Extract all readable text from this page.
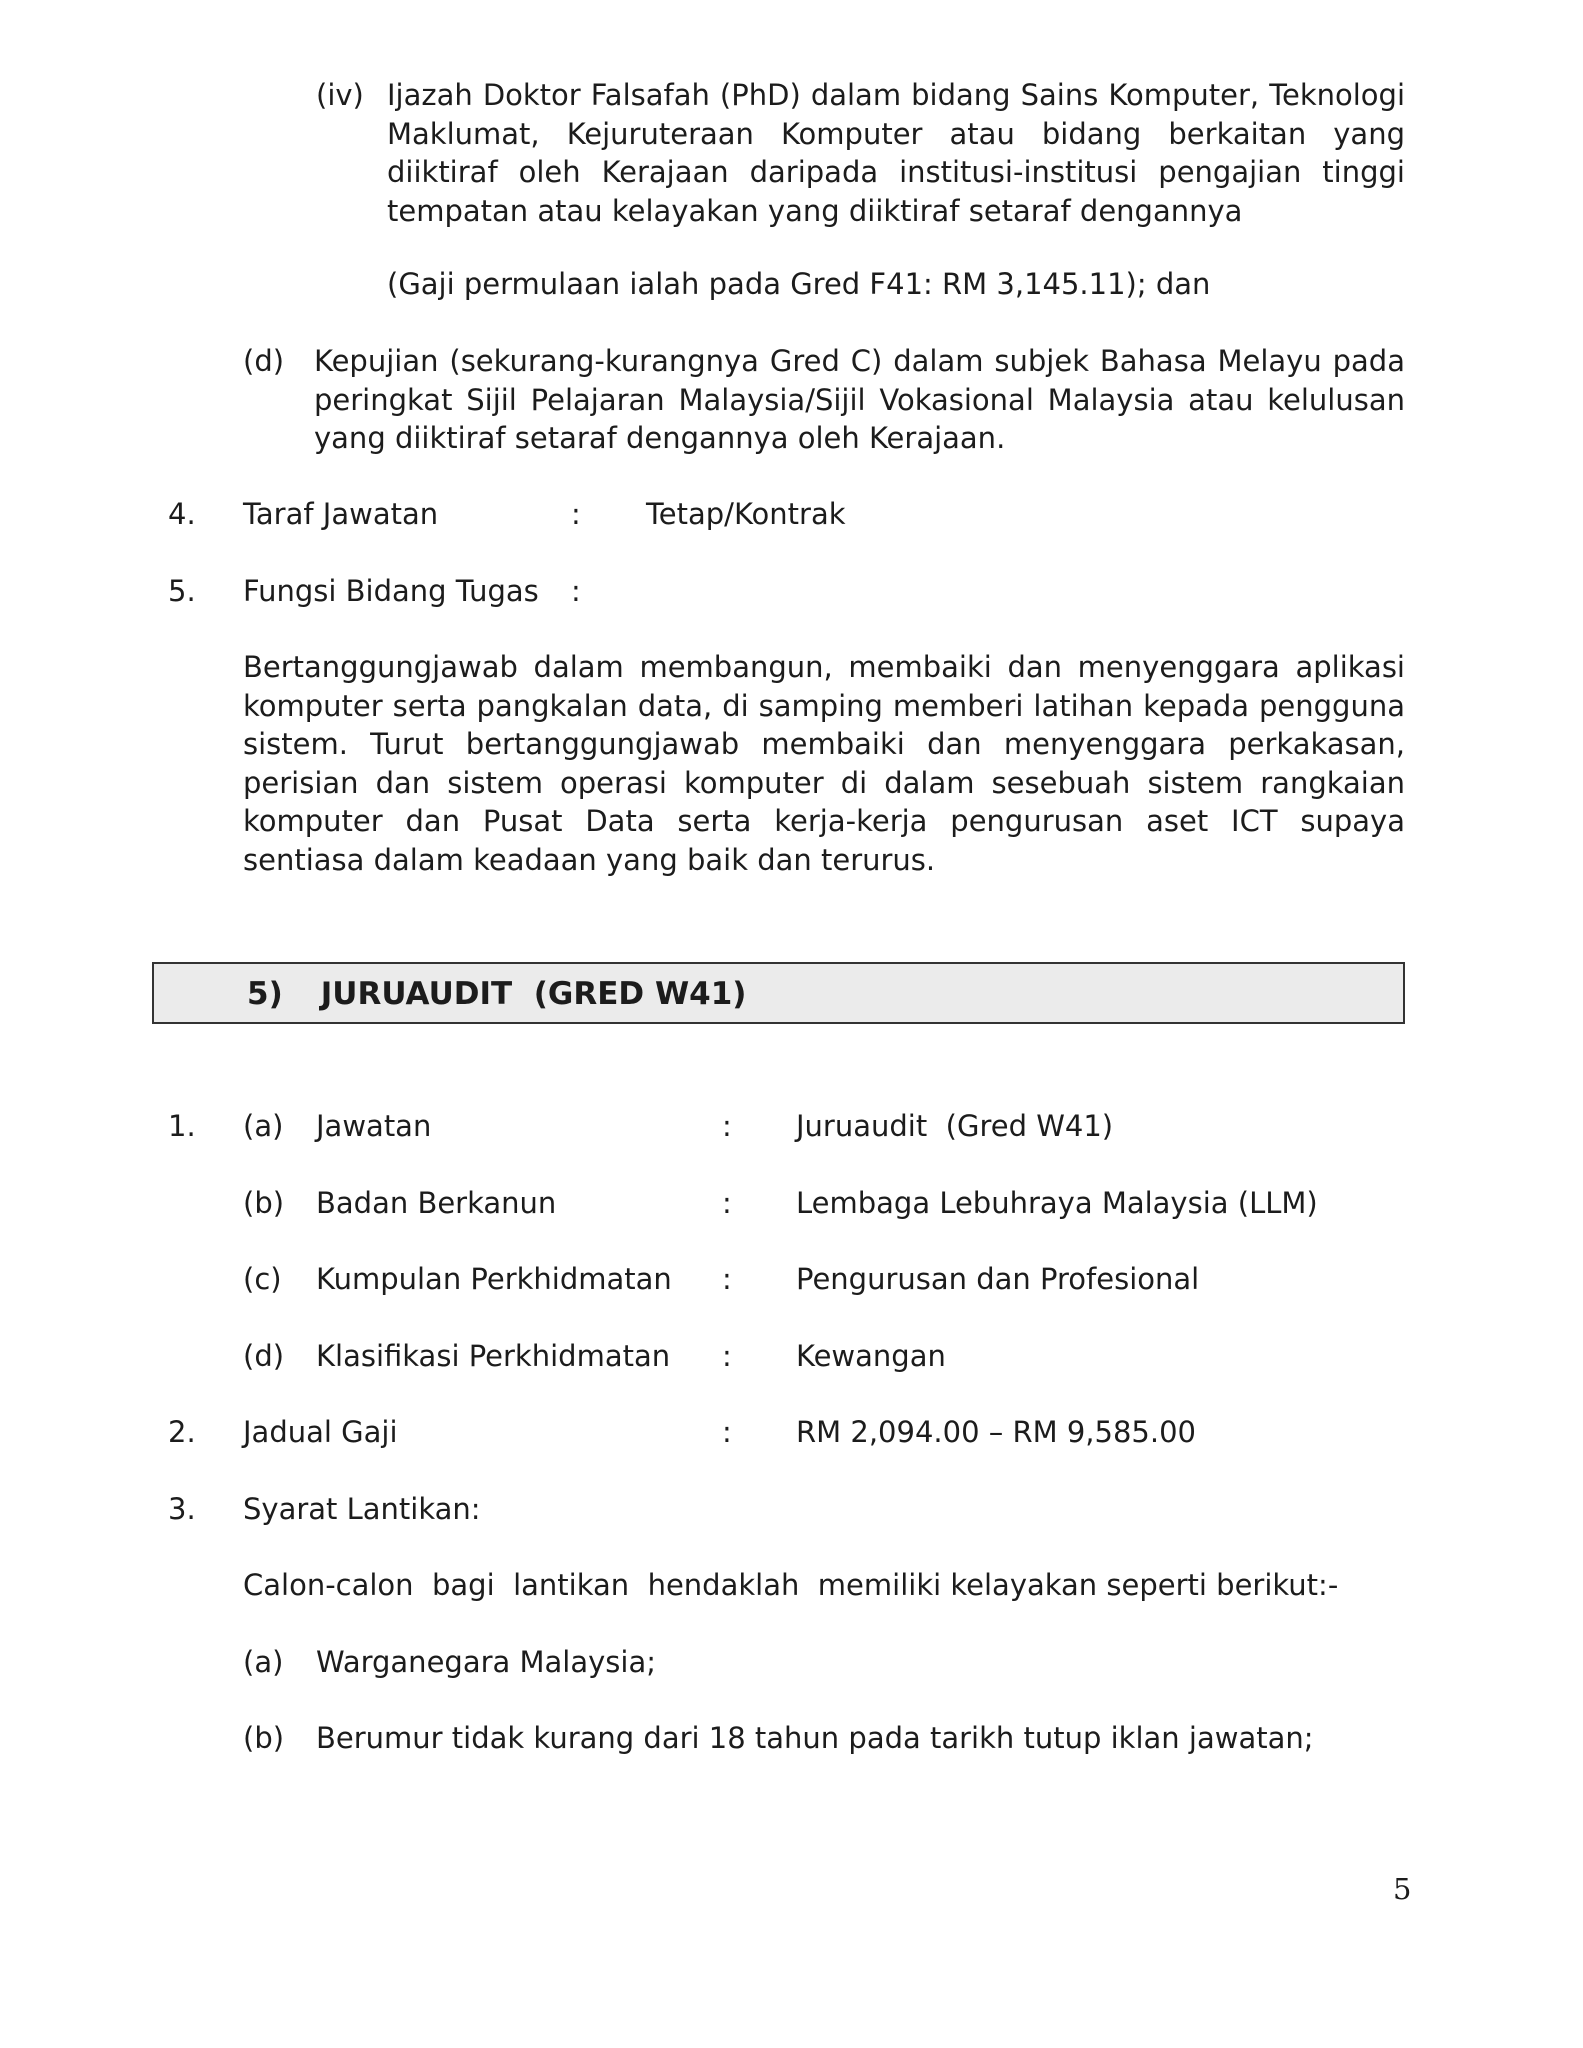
(iv) Ijazah Doktor Falsafah (PhD) dalam bidang Sains Komputer, Teknologi Maklumat, Kejuruteraan Komputer atau bidang berkaitan yang diiktiraf oleh Kerajaan daripada institusi-institusi pengajian tinggi tempatan atau kelayakan yang diiktiraf setaraf dengannya
(Gaji permulaan ialah pada Gred F41: RM 3,145.11); dan
(d) Kepujian (sekurang-kurangnya Gred C) dalam subjek Bahasa Melayu pada peringkat Sijil Pelajaran Malaysia/Sijil Vokasional Malaysia atau kelulusan yang diiktiraf setaraf dengannya oleh Kerajaan.
4. Taraf Jawatan	: Tetap/Kontrak
5. Fungsi Bidang Tugas :
Bertanggungjawab dalam membangun, membaiki dan menyenggara aplikasi komputer serta pangkalan data, di samping memberi latihan kepada pengguna sistem. Turut bertanggungjawab membaiki dan menyenggara perkakasan, perisian dan sistem operasi komputer di dalam sesebuah sistem rangkaian komputer dan Pusat Data serta kerja-kerja pengurusan aset ICT supaya sentiasa dalam keadaan yang baik dan terurus.
5) JURUAUDIT  (GRED W41)
1. (a) Jawatan	: Juruaudit  (Gred W41)
(b) Badan Berkanun	: Lembaga Lebuhraya Malaysia (LLM)
(c) Kumpulan Perkhidmatan : Pengurusan dan Profesional
(d) Klasifikasi Perkhidmatan : Kewangan
2. Jadual Gaji	: RM 2,094.00 – RM 9,585.00
3. Syarat Lantikan:
Calon-calon  bagi  lantikan  hendaklah  memiliki kelayakan seperti berikut:-
(a) Warganegara Malaysia;
(b) Berumur tidak kurang dari 18 tahun pada tarikh tutup iklan jawatan;
5
